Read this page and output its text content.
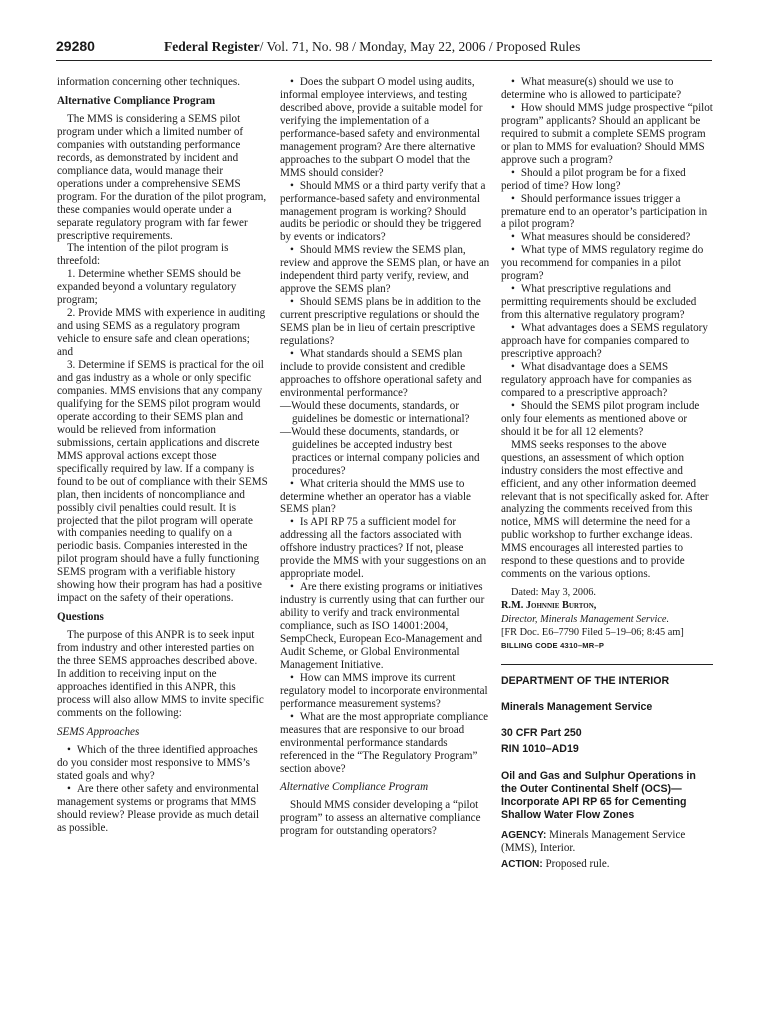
29280	Federal Register/ Vol. 71, No. 98 / Monday, May 22, 2006 / Proposed Rules

information concerning other techniques.

Alternative Compliance Program

The MMS is considering a SEMS pilot program under which a limited number of companies with outstanding performance records, as demonstrated by incident and compliance data, would manage their operations under a comprehensive SEMS program. For the duration of the pilot program, these companies would operate under a separate regulatory program with far fewer prescriptive requirements.

The intention of the pilot program is threefold:

1. Determine whether SEMS should be expanded beyond a voluntary regulatory program;

2. Provide MMS with experience in auditing and using SEMS as a regulatory program vehicle to ensure safe and clean operations; and

3. Determine if SEMS is practical for the oil and gas industry as a whole or only specific companies. MMS envisions that any company qualifying for the SEMS pilot program would operate according to their SEMS plan and would be relieved from information submissions, certain applications and discrete MMS approval actions except those specifically required by law. If a company is found to be out of compliance with their SEMS plan, then incidents of noncompliance and possibly civil penalties could result. It is projected that the pilot program will operate with companies needing to qualify on a periodic basis. Companies interested in the pilot program should have a fully functioning SEMS program with a verifiable history showing how their program has had a positive impact on the safety of their operations.

Questions

The purpose of this ANPR is to seek input from industry and other interested parties on the three SEMS approaches described above. In addition to receiving input on the approaches identified in this ANPR, this process will also allow MMS to invite specific comments on the following:

SEMS Approaches

• Which of the three identified approaches do you consider most responsive to MMS’s stated goals and why?

• Are there other safety and environmental management systems or programs that MMS should review? Please provide as much detail as possible.

• Does the subpart O model using audits, informal employee interviews, and testing described above, provide a suitable model for verifying the implementation of a performance-based safety and environmental management program? Are there alternative approaches to the subpart O model that the MMS should consider?

• Should MMS or a third party verify that a performance-based safety and environmental management program is working? Should audits be periodic or should they be triggered by events or indicators?

• Should MMS review the SEMS plan, review and approve the SEMS plan, or have an independent third party verify, review, and approve the SEMS plan?

• Should SEMS plans be in addition to the current prescriptive regulations or should the SEMS plan be in lieu of certain prescriptive regulations?

• What standards should a SEMS plan include to provide consistent and credible approaches to offshore operational safety and environmental performance?

—Would these documents, standards, or guidelines be domestic or international?

—Would these documents, standards, or guidelines be accepted industry best practices or internal company policies and procedures?

• What criteria should the MMS use to determine whether an operator has a viable SEMS plan?

• Is API RP 75 a sufficient model for addressing all the factors associated with offshore industry practices? If not, please provide the MMS with your suggestions on an appropriate model.

• Are there existing programs or initiatives industry is currently using that can further our ability to verify and track environmental compliance, such as ISO 14001:2004, SempCheck, European Eco-Management and Audit Scheme, or Global Environmental Management Initiative.

• How can MMS improve its current regulatory model to incorporate environmental performance measurement systems?

• What are the most appropriate compliance measures that are responsive to our broad environmental performance standards referenced in the “The Regulatory Program” section above?

Alternative Compliance Program

Should MMS consider developing a “pilot program” to assess an alternative compliance program for outstanding operators?

• What measure(s) should we use to determine who is allowed to participate?

• How should MMS judge prospective “pilot program” applicants? Should an applicant be required to submit a complete SEMS program or plan to MMS for evaluation? Should MMS approve such a program?

• Should a pilot program be for a fixed period of time? How long?

• Should performance issues trigger a premature end to an operator’s participation in a pilot program?

• What measures should be considered?

• What type of MMS regulatory regime do you recommend for companies in a pilot program?

• What prescriptive regulations and permitting requirements should be excluded from this alternative regulatory program?

• What advantages does a SEMS regulatory approach have for companies compared to prescriptive approach?

• What disadvantage does a SEMS regulatory approach have for companies as compared to a prescriptive approach?

• Should the SEMS pilot program include only four elements as mentioned above or should it be for all 12 elements?

MMS seeks responses to the above questions, an assessment of which option industry considers the most effective and efficient, and any other information deemed relevant that is not specifically asked for. After analyzing the comments received from this notice, MMS will determine the need for a public workshop to further exchange ideas. MMS encourages all interested parties to respond to these questions and to provide comments on the various options.

Dated: May 3, 2006.

R.M. Johnnie Burton,

Director, Minerals Management Service.

[FR Doc. E6–7790 Filed 5–19–06; 8:45 am]

BILLING CODE 4310–MR–P

DEPARTMENT OF THE INTERIOR
Minerals Management Service
30 CFR Part 250
RIN 1010–AD19
Oil and Gas and Sulphur Operations in the Outer Continental Shelf (OCS)—Incorporate API RP 65 for Cementing Shallow Water Flow Zones

AGENCY: Minerals Management Service (MMS), Interior.

ACTION: Proposed rule.
